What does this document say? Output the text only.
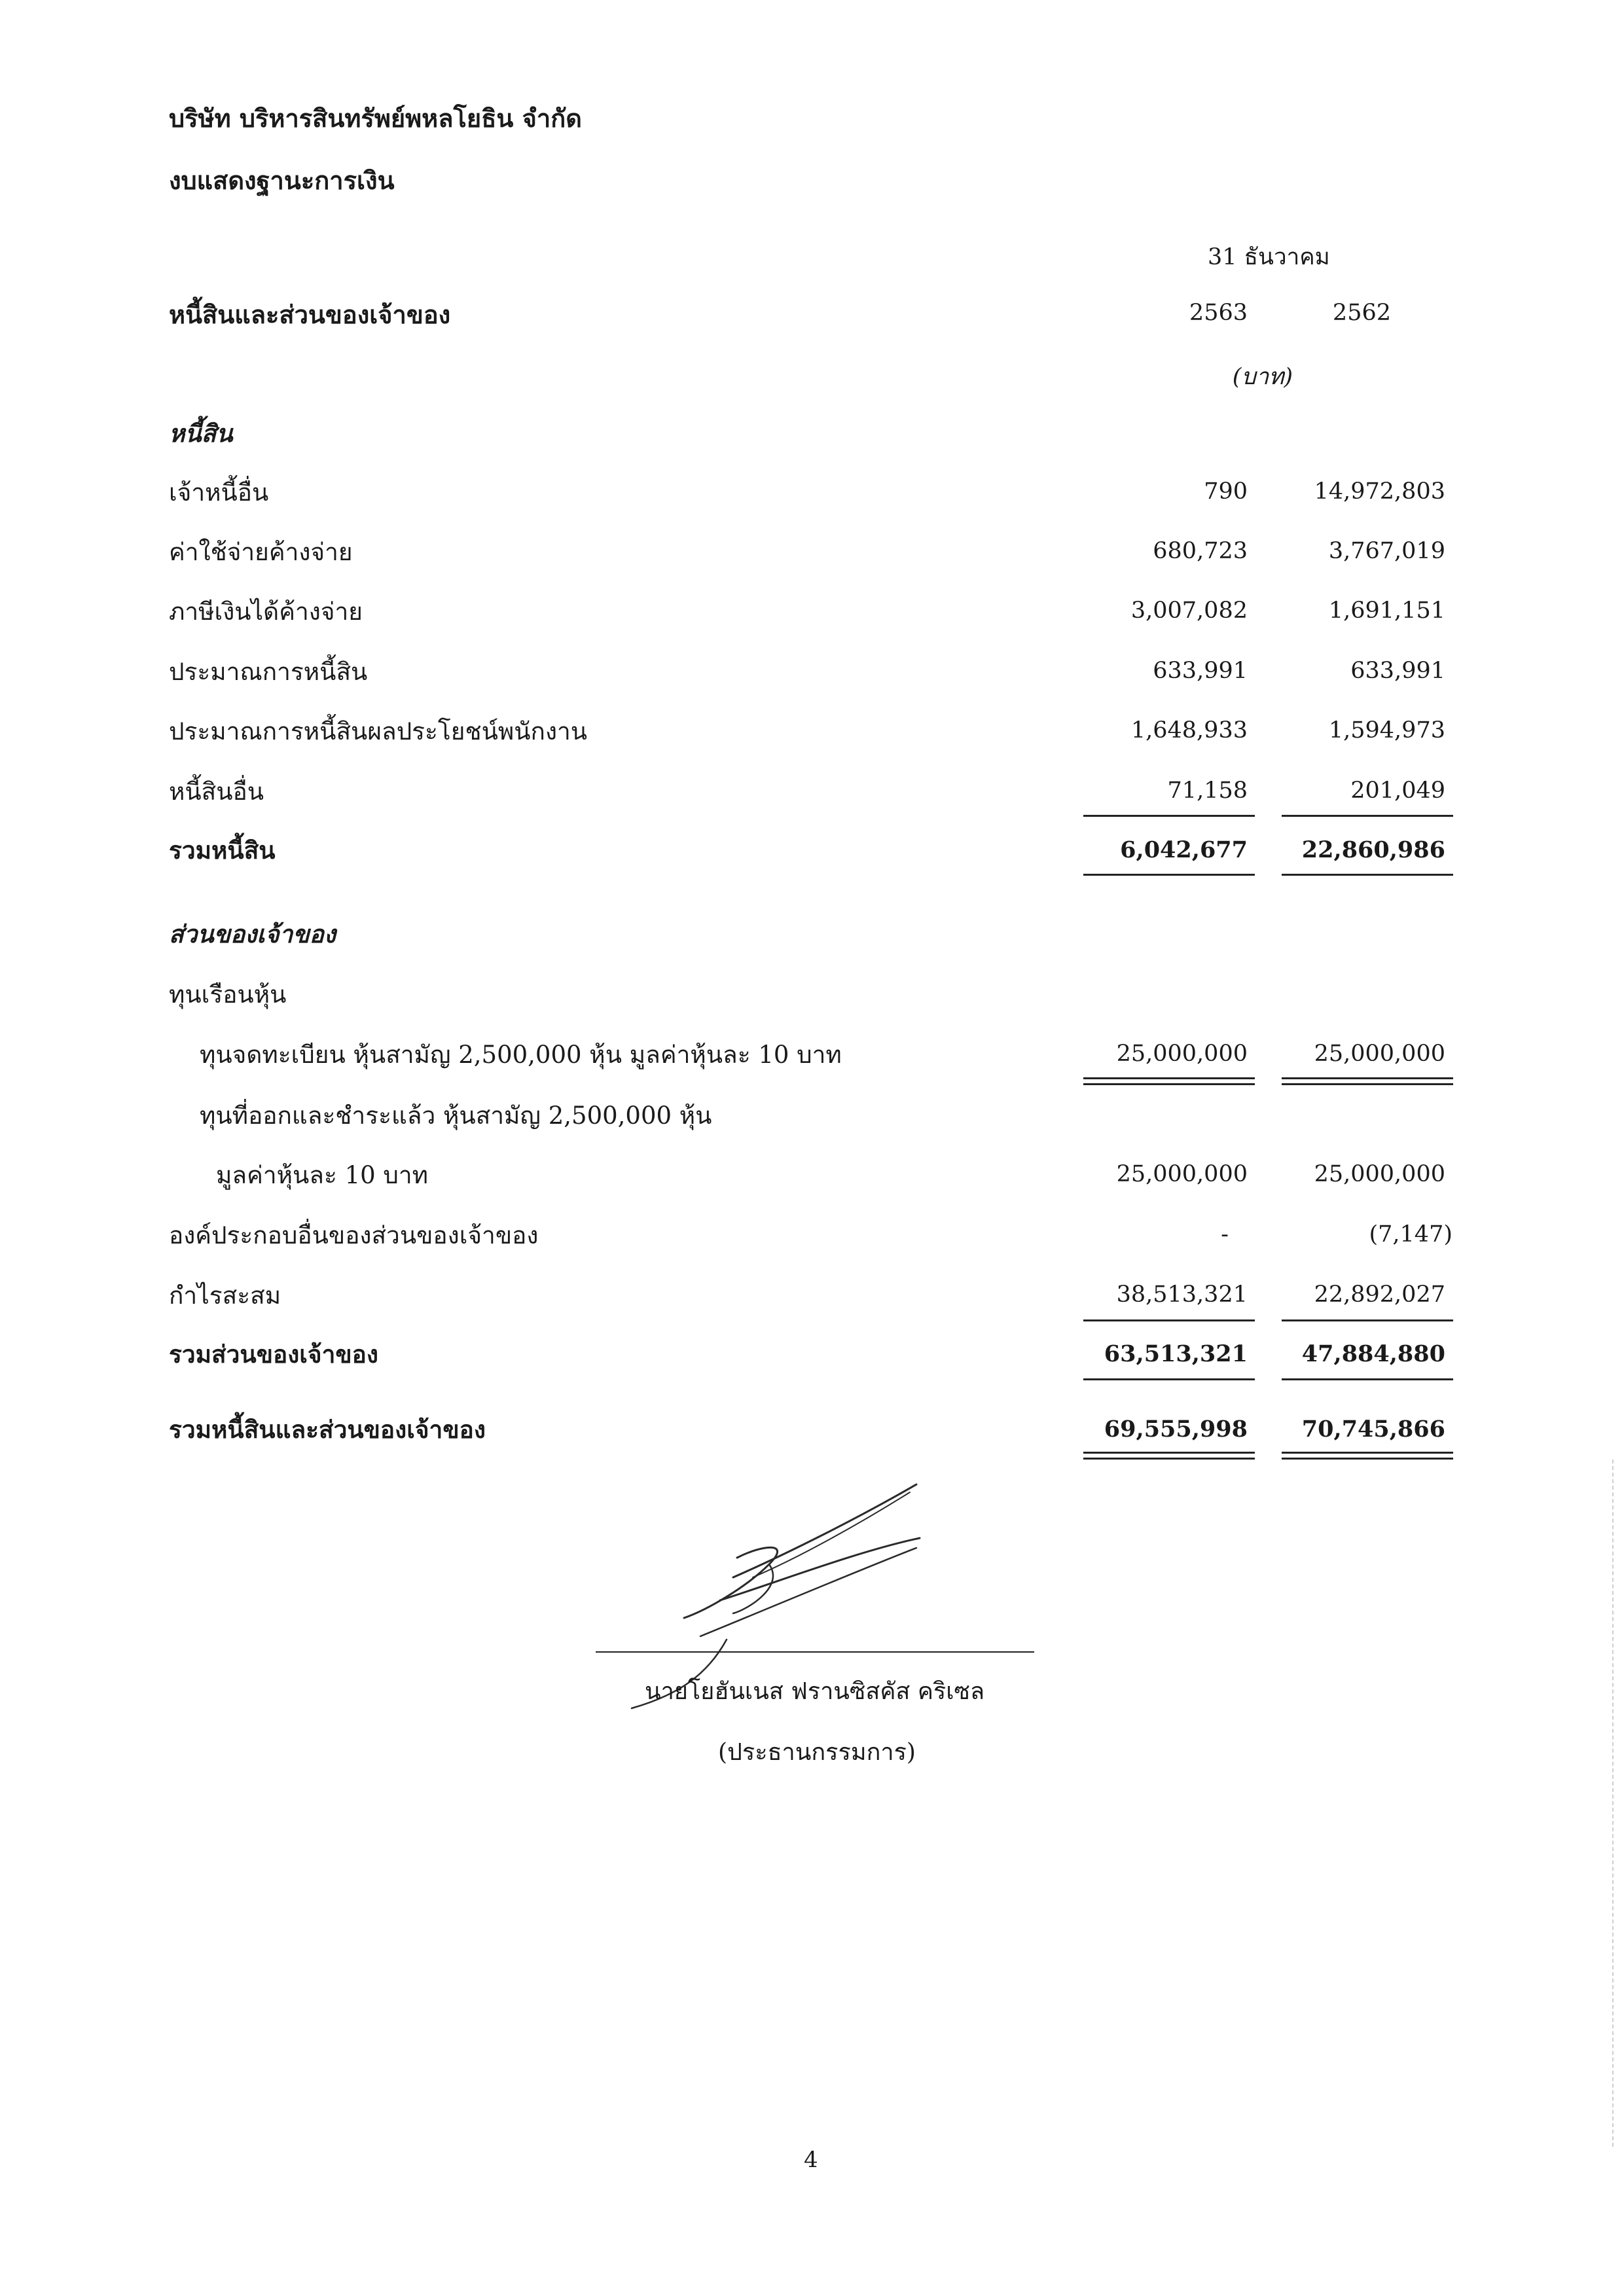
บริษัท บริหารสินทรัพย์พหลโยธิน จำกัด
งบแสดงฐานะการเงิน
31 ธันวาคม
หนี้สินและส่วนของเจ้าของ	2563	2562
(บาท)
หนี้สิน
เจ้าหนี้อื่น	790	14,972,803
ค่าใช้จ่ายค้างจ่าย	680,723	3,767,019
ภาษีเงินได้ค้างจ่าย	3,007,082	1,691,151
ประมาณการหนี้สิน	633,991	633,991
ประมาณการหนี้สินผลประโยชน์พนักงาน	1,648,933	1,594,973
หนี้สินอื่น	71,158	201,049
รวมหนี้สิน	6,042,677 22,860,986
ส่วนของเจ้าของ
ทุนเรือนหุ้น
ทุนจดทะเบียน หุ้นสามัญ 2,500,000 หุ้น มูลค่าหุ้นละ 10 บาท	25,000,000	25,000,000
ทุนที่ออกและชำระแล้ว หุ้นสามัญ 2,500,000 หุ้น
มูลค่าหุ้นละ 10 บาท	25,000,000	25,000,000
องค์ประกอบอื่นของส่วนของเจ้าของ	-	(7,147)
กำไรสะสม	38,513,321	22,892,027
รวมส่วนของเจ้าของ	63,513,321 47,884,880
รวมหนี้สินและส่วนของเจ้าของ	69,555,998 70,745,866
นายโยฮันเนส ฟรานซิสคัส คริเซล
(ประธานกรรมการ)
4
